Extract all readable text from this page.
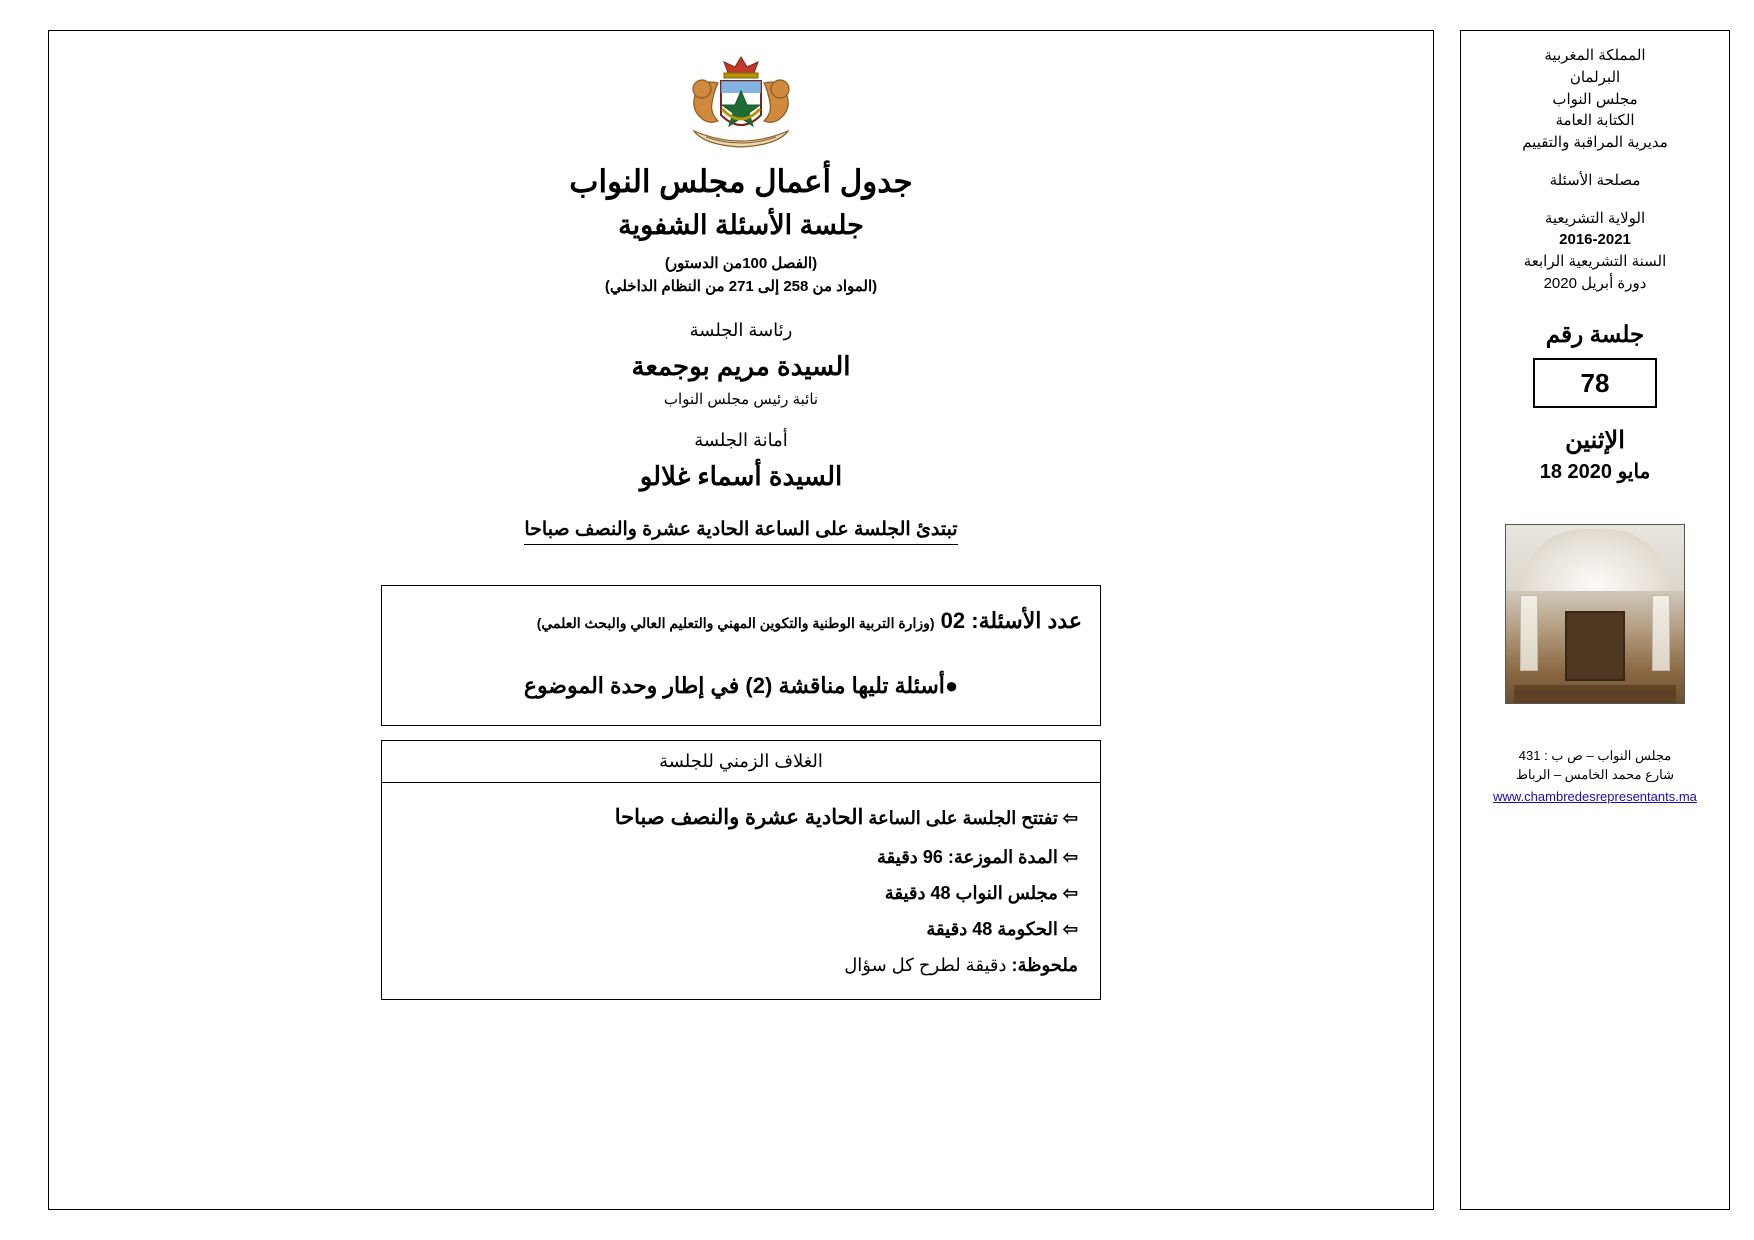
المملكة المغربية
البرلمان
مجلس النواب
الكتابة العامة
مديرية المراقبة والتقييم
مصلحة الأسئلة
الولاية التشريعية
2016-2021
السنة التشريعية الرابعة
دورة أبريل 2020
جلسة رقم
78
الإثنين
18 مايو 2020
مجلس النواب – ص ب : 431
شارع محمد الخامس – الرباط
www.chambredesrepresentants.ma
جدول أعمال مجلس النواب
جلسة الأسئلة الشفوية
(الفصل 100من الدستور)
(المواد من 258 إلى 271 من النظام الداخلي)
رئاسة الجلسة
السيدة مريم بوجمعة
نائبة رئيس مجلس النواب
أمانة الجلسة
السيدة أسماء غلالو
تبتدئ الجلسة على الساعة الحادية عشرة والنصف صباحا
عدد الأسئلة: 02 (وزارة التربية الوطنية والتكوين المهني والتعليم العالي والبحث العلمي)
●أسئلة تليها مناقشة (2) في إطار وحدة الموضوع
الغلاف الزمني للجلسة
⇦ تفتتح الجلسة على الساعة الحادية عشرة والنصف صباحا
⇦ المدة الموزعة: 96 دقيقة
⇦ مجلس النواب 48 دقيقة
⇦ الحكومة 48 دقيقة
ملحوظة: دقيقة لطرح كل سؤال
